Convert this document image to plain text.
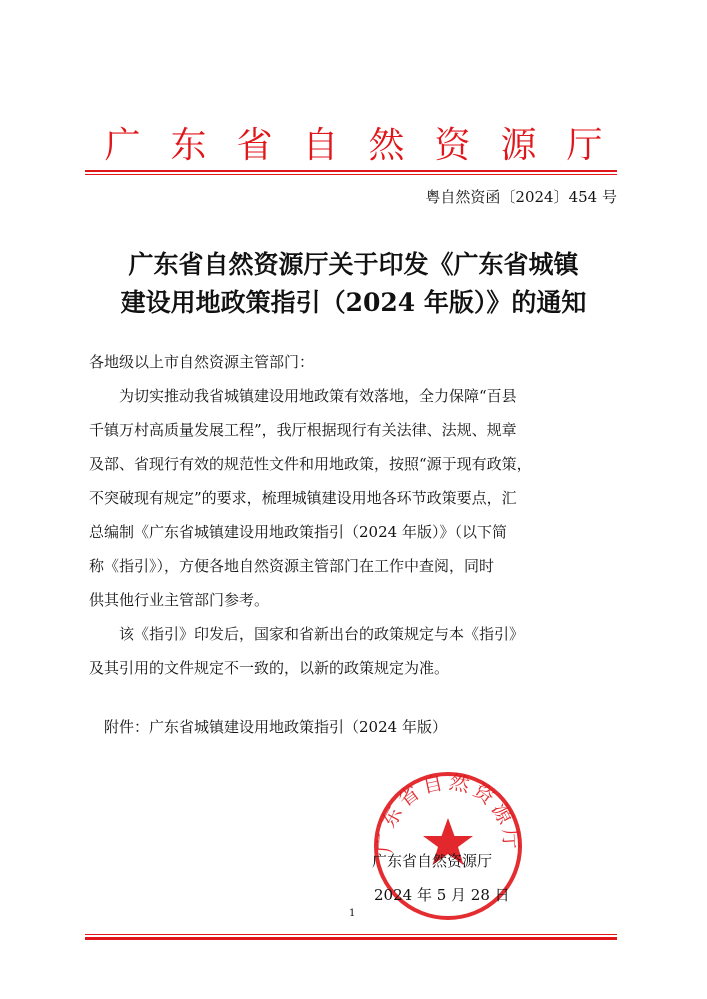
广 东 省 自 然 资 源 厅
粤自然资函〔2024〕454 号
广东省自然资源厅关于印发《广东省城镇
建设用地政策指引（2024 年版）》的通知

各地级以上市自然资源主管部门：

为切实推动我省城镇建设用地政策有效落地，全力保障“百县

千镇万村高质量发展工程”，我厅根据现行有关法律、法规、规章

及部、省现行有效的规范性文件和用地政策，按照“源于现有政策，

不突破现有规定”的要求，梳理城镇建设用地各环节政策要点，汇

总编制《广东省城镇建设用地政策指引（2024 年版）》（以下简

称《指引》），方便各地自然资源主管部门在工作中查阅，同时

供其他行业主管部门参考。

该《指引》印发后，国家和省新出台的政策规定与本《指引》

及其引用的文件规定不一致的，以新的政策规定为准。

附件：广东省城镇建设用地政策指引（2024 年版）
广东省自然资源厅
广东省自然资源厅
2024 年 5 月 28 日
1
